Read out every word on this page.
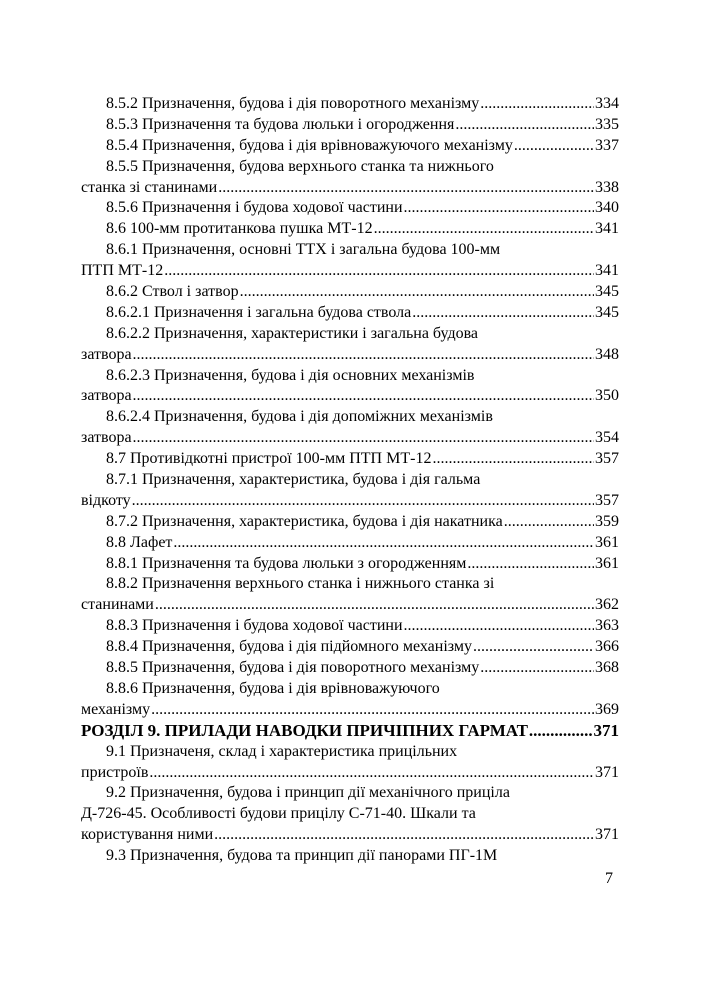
8.5.2 Призначення, будова і дія поворотного механізму .....	334
8.5.3 Призначення та будова люльки і огородження .....	335
8.5.4 Призначення, будова і дія врівноважуючого механізму .....	337
8.5.5 Призначення, будова верхнього станка та нижнього
станка зі станинами .....	338
8.5.6 Призначення і будова ходової частини .....	340
8.6 100-мм протитанкова пушка МТ-12 .....	341
8.6.1 Призначення, основні ТТХ і загальна будова 100-мм
ПТП МТ-12 .....	341
8.6.2 Ствол і затвор .....	345
8.6.2.1 Призначення і загальна будова ствола .....	345
8.6.2.2 Призначення, характеристики і загальна будова
затвора .....	348
8.6.2.3 Призначення, будова і дія основних механізмів
затвора .....	350
8.6.2.4 Призначення, будова і дія допоміжних механізмів
затвора .....	354
8.7 Противідкотні пристрої 100-мм ПТП МТ-12 .....	357
8.7.1 Призначення, характеристика, будова і дія гальма
відкоту .....	357
8.7.2 Призначення, характеристика, будова і дія накатника .....	359
8.8 Лафет .....	361
8.8.1 Призначення та будова люльки з огородженням .....	361
8.8.2 Призначення верхнього станка і нижнього станка зі
станинами .....	362
8.8.3 Призначення і будова ходової частини .....	363
8.8.4 Призначення, будова і дія підйомного механізму .....	366
8.8.5 Призначення, будова і дія поворотного механізму .....	368
8.8.6 Призначення, будова і дія врівноважуючого
механізму .....	369
РОЗДІЛ 9. ПРИЛАДИ НАВОДКИ ПРИЧІПНИХ ГАРМАТ .....	371
9.1 Призначеня, склад і характеристика прицільних
пристроїв .....	371
9.2 Призначення, будова і принцип дії механічного прицілa
Д-726-45. Особливості будови прицілу С-71-40. Шкали та
користування ними .....	371
9.3 Призначення, будова та принцип дії панорами ПГ-1М
7
